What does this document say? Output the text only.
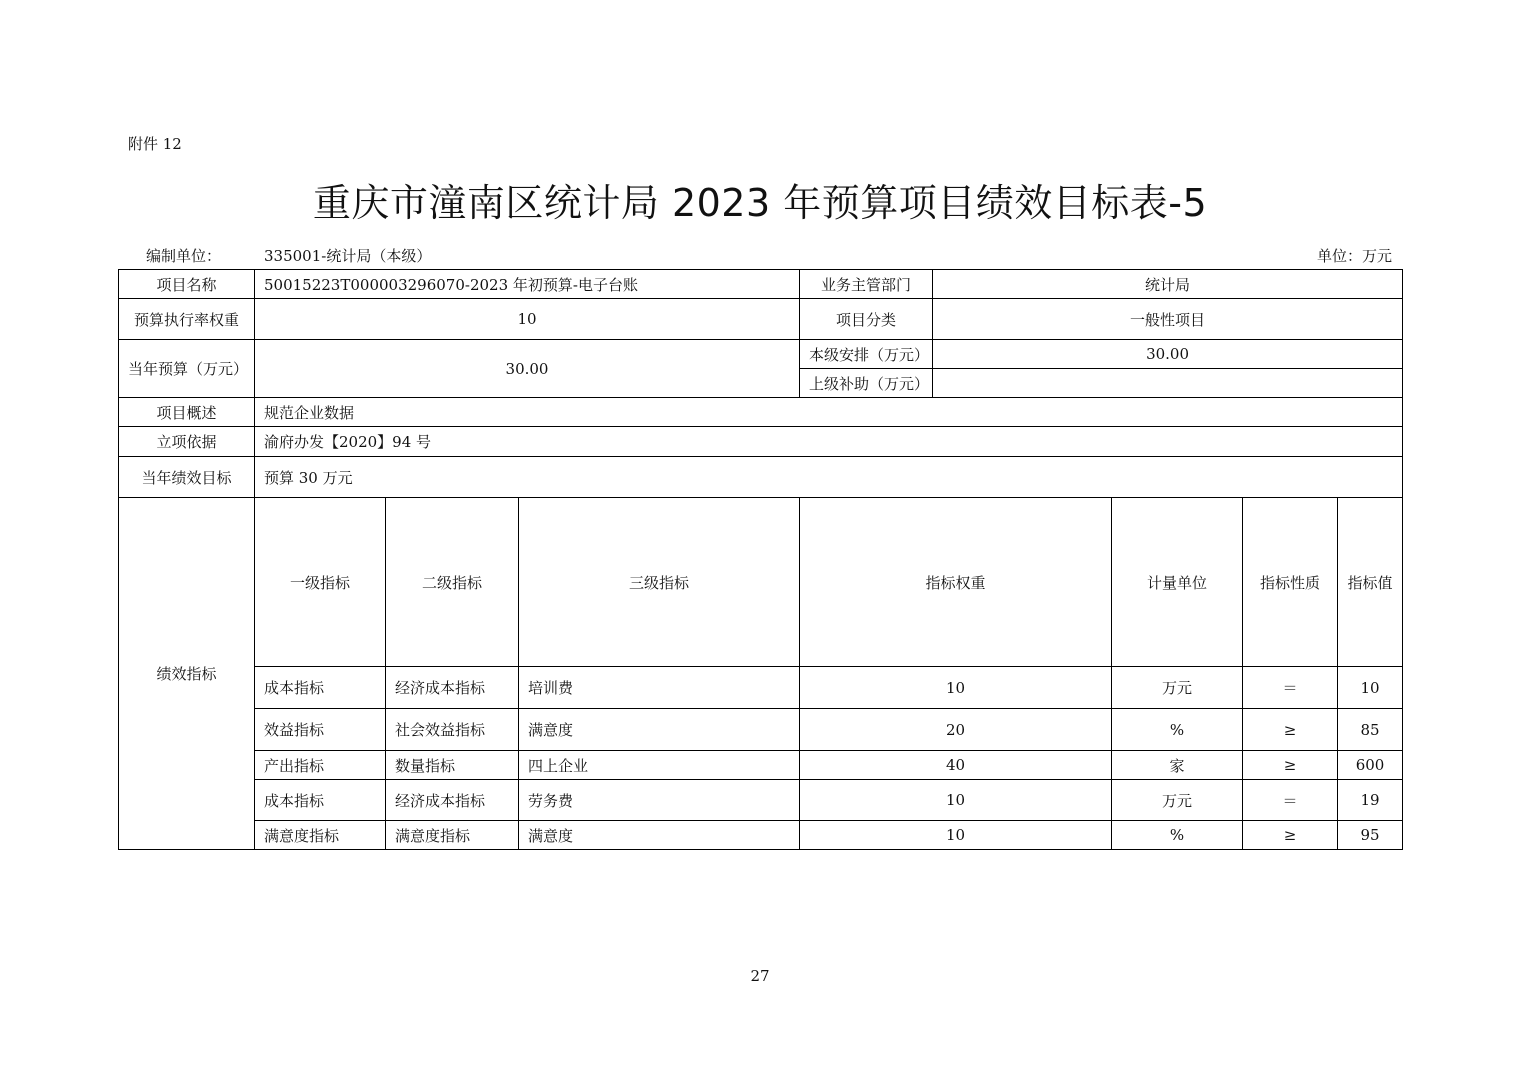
附件 12
重庆市潼南区统计局 2023 年预算项目绩效目标表-5
编制单位：	335001-统计局（本级）	单位：万元
项目名称	50015223T000003296070-2023 年初预算-电子台账			业务主管部门	统计局				
预算执行率权重	10			项目分类	一般性项目				
当年预算（万元）	30.00			本级安排（万元）	30.00				
				上级补助（万元）					
项目概述	规范企业数据								
立项依据	渝府办发【2020】94 号								
当年绩效目标	预算 30 万元								
绩效指标	一级指标	二级指标	三级指标	指标权重		计量单位	指标性质	指标值	

	成本指标	经济成本指标	培训费	10		万元	＝	10	
	效益指标	社会效益指标	满意度	20		%	≥	85	
	产出指标	数量指标	四上企业	40		家	≥	600	
	成本指标	经济成本指标	劳务费	10		万元	＝	19	
	满意度指标	满意度指标	满意度	10		%	≥	95	
27
